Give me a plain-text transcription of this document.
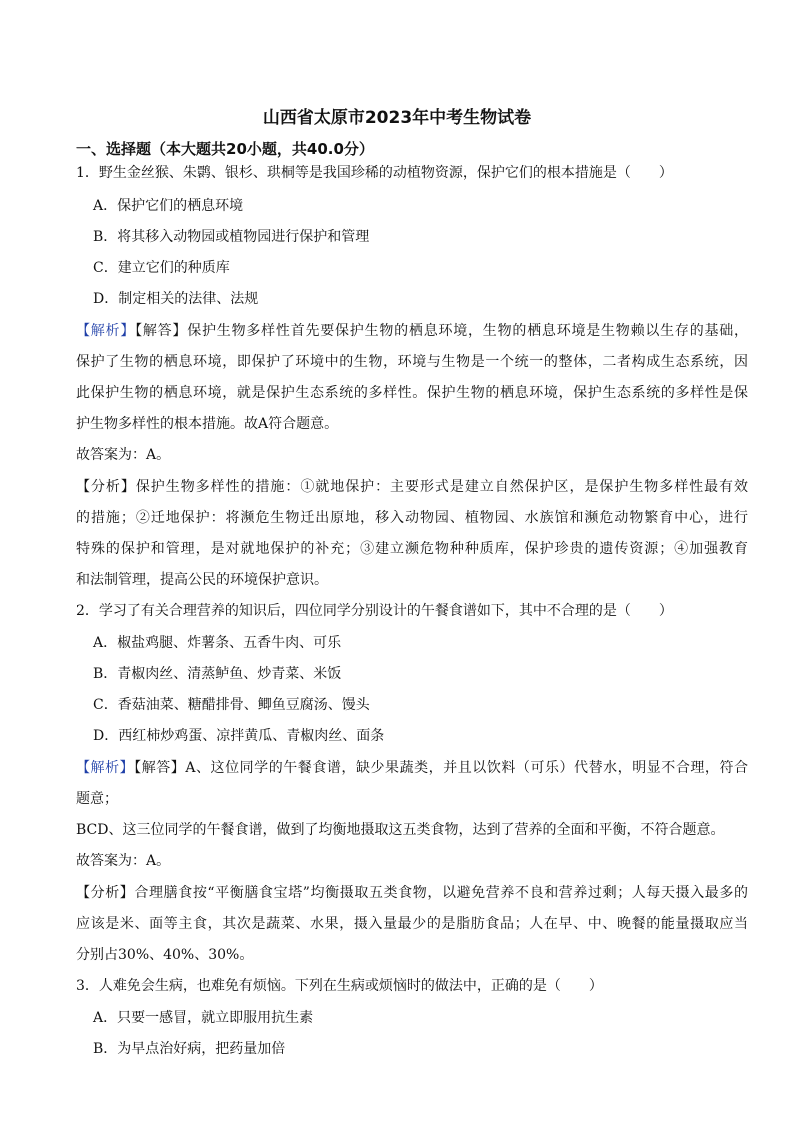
山西省太原市2023年中考生物试卷
一、选择题（本大题共20小题，共40.0分）
1．野生金丝猴、朱鹮、银杉、珙桐等是我国珍稀的动植物资源，保护它们的根本措施是（　　）
A．保护它们的栖息环境
B．将其移入动物园或植物园进行保护和管理
C．建立它们的种质库
D．制定相关的法律、法规
【解析】【解答】保护生物多样性首先要保护生物的栖息环境，生物的栖息环境是生物赖以生存的基础，
保护了生物的栖息环境，即保护了环境中的生物，环境与生物是一个统一的整体，二者构成生态系统，因
此保护生物的栖息环境，就是保护生态系统的多样性。保护生物的栖息环境，保护生态系统的多样性是保
护生物多样性的根本措施。故A符合题意。
故答案为：A。
【分析】保护生物多样性的措施：①就地保护：主要形式是建立自然保护区，是保护生物多样性最有效
的措施；②迁地保护：将濒危生物迁出原地，移入动物园、植物园、水族馆和濒危动物繁育中心，进行
特殊的保护和管理，是对就地保护的补充；③建立濒危物种种质库，保护珍贵的遗传资源；④加强教育
和法制管理，提高公民的环境保护意识。
2．学习了有关合理营养的知识后，四位同学分别设计的午餐食谱如下，其中不合理的是（　　）
A．椒盐鸡腿、炸薯条、五香牛肉、可乐
B．青椒肉丝、清蒸鲈鱼、炒青菜、米饭
C．香菇油菜、糖醋排骨、鲫鱼豆腐汤、馒头
D．西红柿炒鸡蛋、凉拌黄瓜、青椒肉丝、面条
【解析】【解答】A、这位同学的午餐食谱，缺少果蔬类，并且以饮料（可乐）代替水，明显不合理，符合
题意；
BCD、这三位同学的午餐食谱，做到了均衡地摄取这五类食物，达到了营养的全面和平衡，不符合题意。
故答案为：A。
【分析】合理膳食按“平衡膳食宝塔”均衡摄取五类食物，以避免营养不良和营养过剩；人每天摄入最多的
应该是米、面等主食，其次是蔬菜、水果，摄入量最少的是脂肪食品；人在早、中、晚餐的能量摄取应当
分别占30%、40%、30%。
3．人难免会生病，也难免有烦恼。下列在生病或烦恼时的做法中，正确的是（　　）
A．只要一感冒，就立即服用抗生素
B．为早点治好病，把药量加倍
